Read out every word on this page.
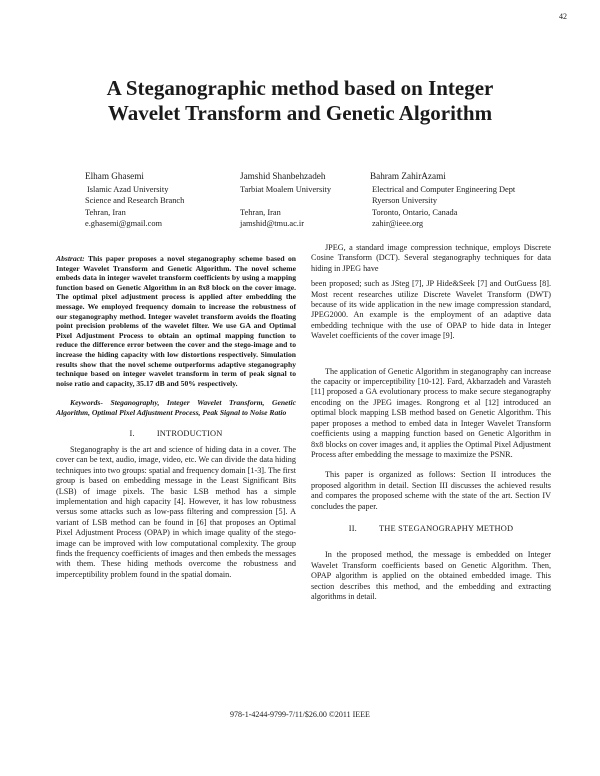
42
A Steganographic method based on Integer
Wavelet Transform and Genetic Algorithm
Elham Ghasemi
Islamic Azad University
Science and Research Branch
Tehran, Iran
e.ghasemi@gmail.com
Jamshid Shanbehzadeh
Tarbiat Moalem University

Tehran, Iran
jamshid@tmu.ac.ir
Bahram ZahirAzami
Electrical and Computer Engineering Dept
Ryerson University
Toronto, Ontario, Canada
zahir@ieee.org

Abstract: This paper proposes a novel steganography scheme based on Integer Wavelet Transform and Genetic Algorithm. The novel scheme embeds data in integer wavelet transform coefficients by using a mapping function based on Genetic Algorithm in an 8x8 block on the cover image. The optimal pixel adjustment process is applied after embedding the message. We employed frequency domain to increase the robustness of our steganography method. Integer wavelet transform avoids the floating point precision problems of the wavelet filter. We use GA and Optimal Pixel Adjustment Process to obtain an optimal mapping function to reduce the difference error between the cover and the stego-image and to increase the hiding capacity with low distortions respectively. Simulation results show that the novel scheme outperforms adaptive steganography technique based on integer wavelet transform in term of peak signal to noise ratio and capacity, 35.17 dB and 50% respectively.

Keywords- Steganography, Integer Wavelet Transform, Genetic Algorithm, Optimal Pixel Adjustment Process, Peak Signal to Noise Ratio

I.	INTRODUCTION

Steganography is the art and science of hiding data in a cover. The cover can be text, audio, image, video, etc. We can divide the data hiding techniques into two groups: spatial and frequency domain [1-3]. The first group is based on embedding message in the Least Significant Bits (LSB) of image pixels. The basic LSB method has a simple implementation and high capacity [4]. However, it has low robustness versus some attacks such as low-pass filtering and compression [5]. A variant of LSB method can be found in [6] that proposes an Optimal Pixel Adjustment Process (OPAP) in which image quality of the stego-image can be improved with low computational complexity. The group finds the frequency coefficients of images and then embeds the messages with them. These hiding methods overcome the robustness and imperceptibility problem found in the spatial domain.

JPEG, a standard image compression technique, employs Discrete Cosine Transform (DCT). Several steganography techniques for data hiding in JPEG have

been proposed; such as JSteg [7], JP Hide&Seek [7] and OutGuess [8]. Most recent researches utilize Discrete Wavelet Transform (DWT) because of its wide application in the new image compression standard, JPEG2000. An example is the employment of an adaptive data embedding technique with the use of OPAP to hide data in Integer Wavelet coefficients of the cover image [9].

The application of Genetic Algorithm in steganography can increase the capacity or imperceptibility [10-12]. Fard, Akbarzadeh and Varasteh [11] proposed a GA evolutionary process to make secure steganography encoding on the JPEG images. Rongrong et al [12] introduced an optimal block mapping LSB method based on Genetic Algorithm. This paper proposes a method to embed data in Integer Wavelet Transform coefficients using a mapping function based on Genetic Algorithm in 8x8 blocks on cover images and, it applies the Optimal Pixel Adjustment Process after embedding the message to maximize the PSNR.

This paper is organized as follows: Section II introduces the proposed algorithm in detail. Section III discusses the achieved results and compares the proposed scheme with the state of the art. Section IV concludes the paper.

II.	THE STEGANOGRAPHY METHOD

In the proposed method, the message is embedded on Integer Wavelet Transform coefficients based on Genetic Algorithm. Then, OPAP algorithm is applied on the obtained embedded image. This section describes this method, and the embedding and extracting algorithms in detail.

978-1-4244-9799-7/11/$26.00 ©2011 IEEE
